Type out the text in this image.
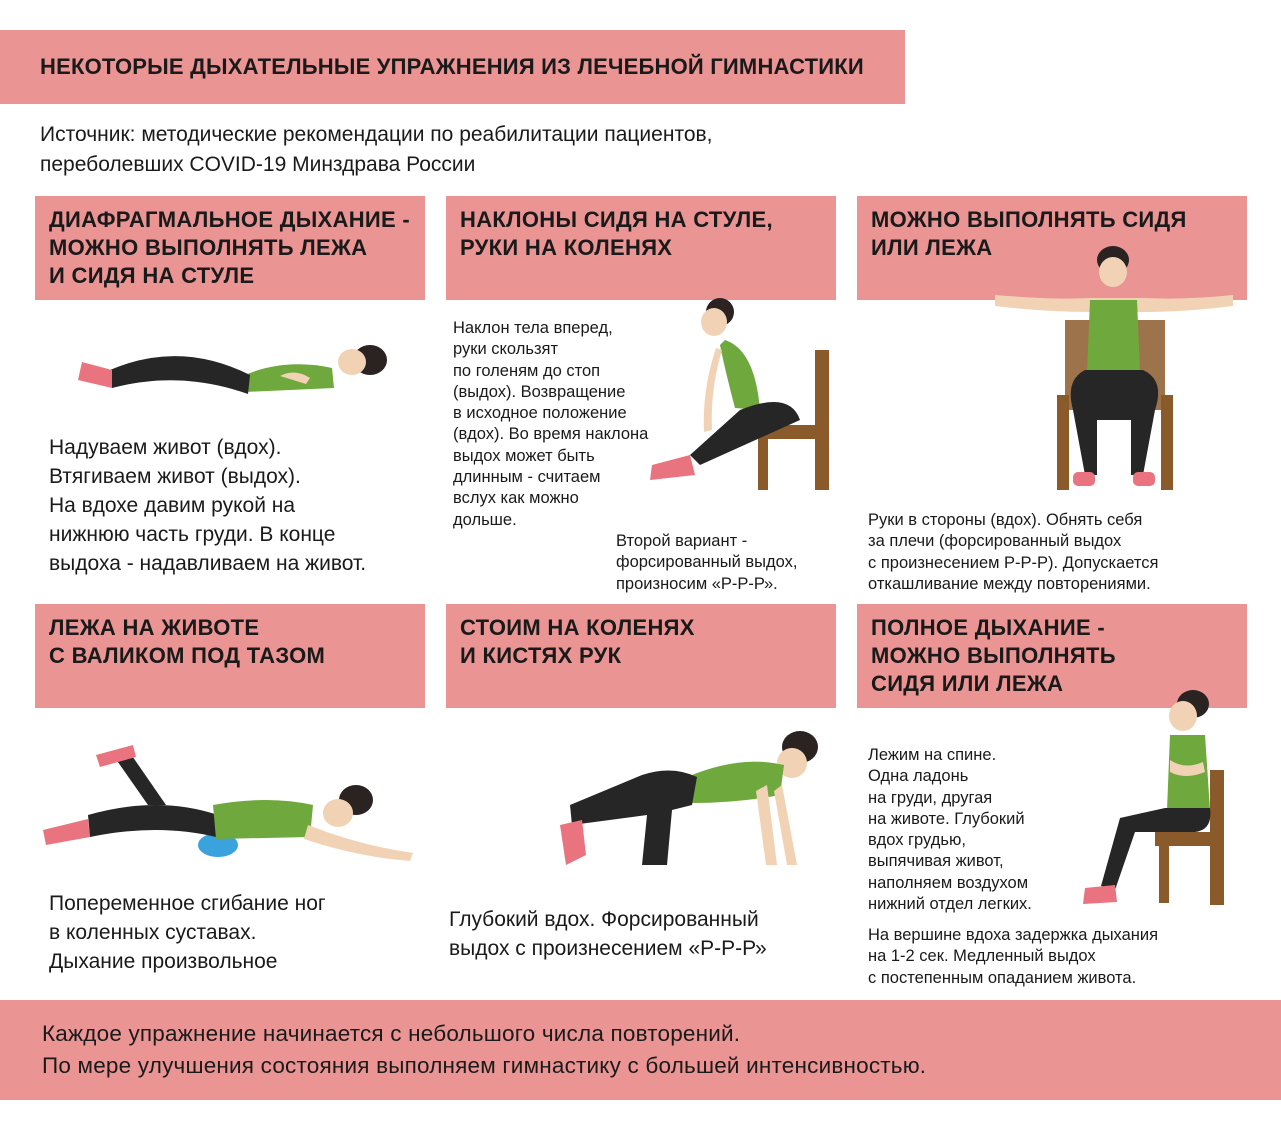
НЕКОТОРЫЕ ДЫХАТЕЛЬНЫЕ УПРАЖНЕНИЯ ИЗ ЛЕЧЕБНОЙ ГИМНАСТИКИ
Источник: методические рекомендации по реабилитации пациентов,
переболевших COVID-19 Минздрава России
ДИАФРАГМАЛЬНОЕ ДЫХАНИЕ -
МОЖНО ВЫПОЛНЯТЬ ЛЕЖА
И СИДЯ НА СТУЛЕ
Надуваем живот (вдох).
Втягиваем живот (выдох).
На вдохе давим рукой на
нижнюю часть груди. В конце
выдоха - надавливаем на живот.
НАКЛОНЫ СИДЯ НА СТУЛЕ,
РУКИ НА КОЛЕНЯХ
Наклон тела вперед,
руки скользят
по голеням до стоп
(выдох). Возвращение
в исходное положение
(вдох). Во время наклона
выдох может быть
длинным - считаем
вслух как можно
дольше.
Второй вариант -
форсированный выдох,
произносим «Р-Р-Р».
МОЖНО ВЫПОЛНЯТЬ СИДЯ
ИЛИ ЛЕЖА
Руки в стороны (вдох). Обнять себя
за плечи (форсированный выдох
с произнесением Р-Р-Р). Допускается
откашливание между повторениями.
ЛЕЖА НА ЖИВОТЕ
С ВАЛИКОМ ПОД ТАЗОМ
Попеременное сгибание ног
в коленных суставах.
Дыхание произвольное
СТОИМ НА КОЛЕНЯХ
И КИСТЯХ РУК
Глубокий вдох. Форсированный
выдох с произнесением «Р-Р-Р»
ПОЛНОЕ ДЫХАНИЕ -
МОЖНО ВЫПОЛНЯТЬ
СИДЯ ИЛИ ЛЕЖА
Лежим на спине.
Одна ладонь
на груди, другая
на животе. Глубокий
вдох грудью,
выпячивая живот,
наполняем воздухом
нижний отдел легких.
На вершине вдоха задержка дыхания
на 1-2 сек. Медленный выдох
с постепенным опаданием живота.
Каждое упражнение начинается с небольшого числа повторений.
По мере улучшения состояния выполняем гимнастику с большей интенсивностью.
